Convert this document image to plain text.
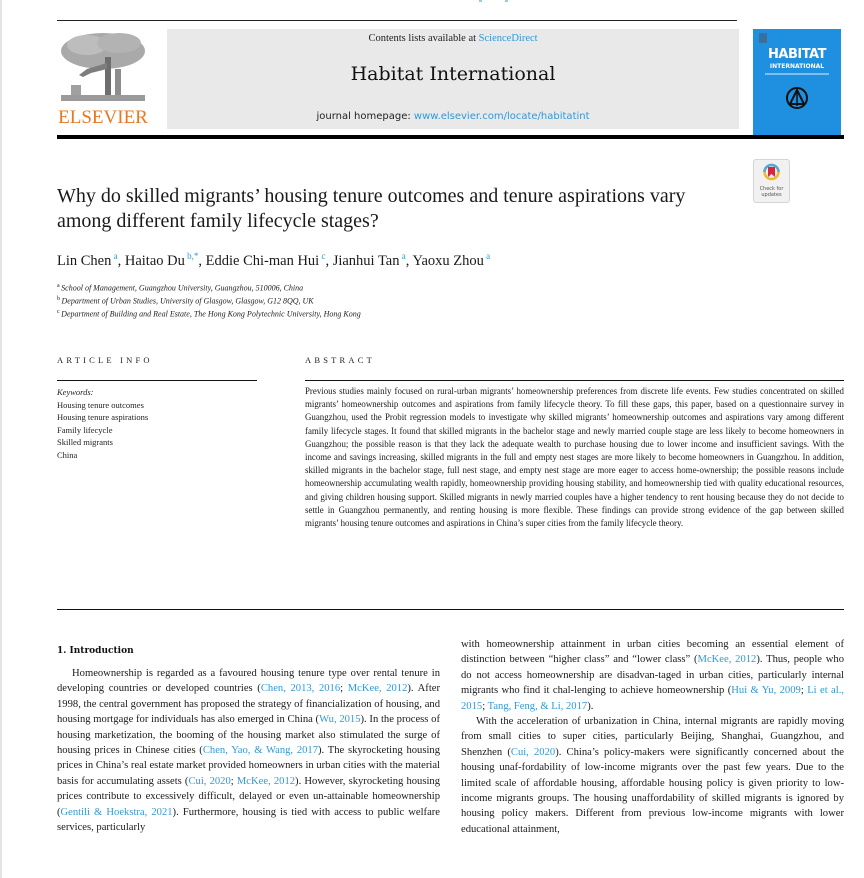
ELSEVIER
Contents lists available at ScienceDirect
Habitat International
journal homepage: www.elsevier.com/locate/habitatint
HABITAT
INTERNATIONAL
Check for
updates
Why do skilled migrants’ housing tenure outcomes and tenure aspirations vary among different family lifecycle stages?
Lin Chen $^a$, Haitao Du $^{b,*}$, Eddie Chi-man Hui $^c$, Jianhui Tan $^a$, Yaoxu Zhou $^a$
$^a$ School of Management, Guangzhou University, Guangzhou, 510006, China
$^b$ Department of Urban Studies, University of Glasgow, Glasgow, G12 8QQ, UK
$^c$ Department of Building and Real Estate, The Hong Kong Polytechnic University, Hong Kong
ARTICLE INFO
Keywords:
Housing tenure outcomes
Housing tenure aspirations
Family lifecycle
Skilled migrants
China
ABSTRACT
Previous studies mainly focused on rural-urban migrants’ homeownership preferences from discrete life events. Few studies concentrated on skilled migrants’ homeownership outcomes and aspirations from family lifecycle theory. To fill these gaps, this paper, based on a questionnaire survey in Guangzhou, used the Probit regression models to investigate why skilled migrants’ homeownership outcomes and aspirations vary among different family lifecycle stages. It found that skilled migrants in the bachelor stage and newly married couple stage are less likely to become homeowners in Guangzhou; the possible reason is that they lack the adequate wealth to purchase housing due to lower income and insufficient savings. With the income and savings increasing, skilled migrants in the full and empty nest stages are more likely to become homeowners in Guangzhou. In addition, skilled migrants in the bachelor stage, full nest stage, and empty nest stage are more eager to access home-ownership; the possible reasons include homeownership accumulating wealth rapidly, homeownership providing housing stability, and homeownership tied with quality educational resources, and giving children housing support. Skilled migrants in newly married couples have a higher tendency to rent housing because they do not decide to settle in Guangzhou permanently, and renting housing is more flexible. These findings can provide strong evidence of the gap between skilled migrants’ housing tenure outcomes and aspirations in China’s super cities from the family lifecycle theory.
1. Introduction

Homeownership is regarded as a favoured housing tenure type over rental tenure in developing countries or developed countries (Chen, 2013, 2016; McKee, 2012). After 1998, the central government has proposed the strategy of financialization of housing, and housing mortgage for individuals has also emerged in China (Wu, 2015). In the process of housing marketization, the booming of the housing market also stimulated the surge of housing prices in Chinese cities (Chen, Yao, & Wang, 2017). The skyrocketing housing prices in China’s real estate market provided homeowners in urban cities with the material basis for accumulating assets (Cui, 2020; McKee, 2012). However, skyrocketing housing prices contribute to excessively difficult, delayed or even un-attainable homeownership (Gentili & Hoekstra, 2021). Furthermore, housing is tied with access to public welfare services, particularly

with homeownership attainment in urban cities becoming an essential element of distinction between “higher class” and “lower class” (McKee, 2012). Thus, people who do not access homeownership are disadvan-taged in urban cities, particularly internal migrants who find it chal-lenging to achieve homeownership (Hui & Yu, 2009; Li et al., 2015; Tang, Feng, & Li, 2017).

With the acceleration of urbanization in China, internal migrants are rapidly moving from small cities to super cities, particularly Beijing, Shanghai, Guangzhou, and Shenzhen (Cui, 2020). China’s policy-makers were significantly concerned about the housing unaf-fordability of low-income migrants over the past few years. Due to the limited scale of affordable housing, affordable housing policy is given priority to low-income migrants groups. The housing unaffordability of skilled migrants is ignored by housing policy makers. Different from previous low-income migrants with lower educational attainment,
